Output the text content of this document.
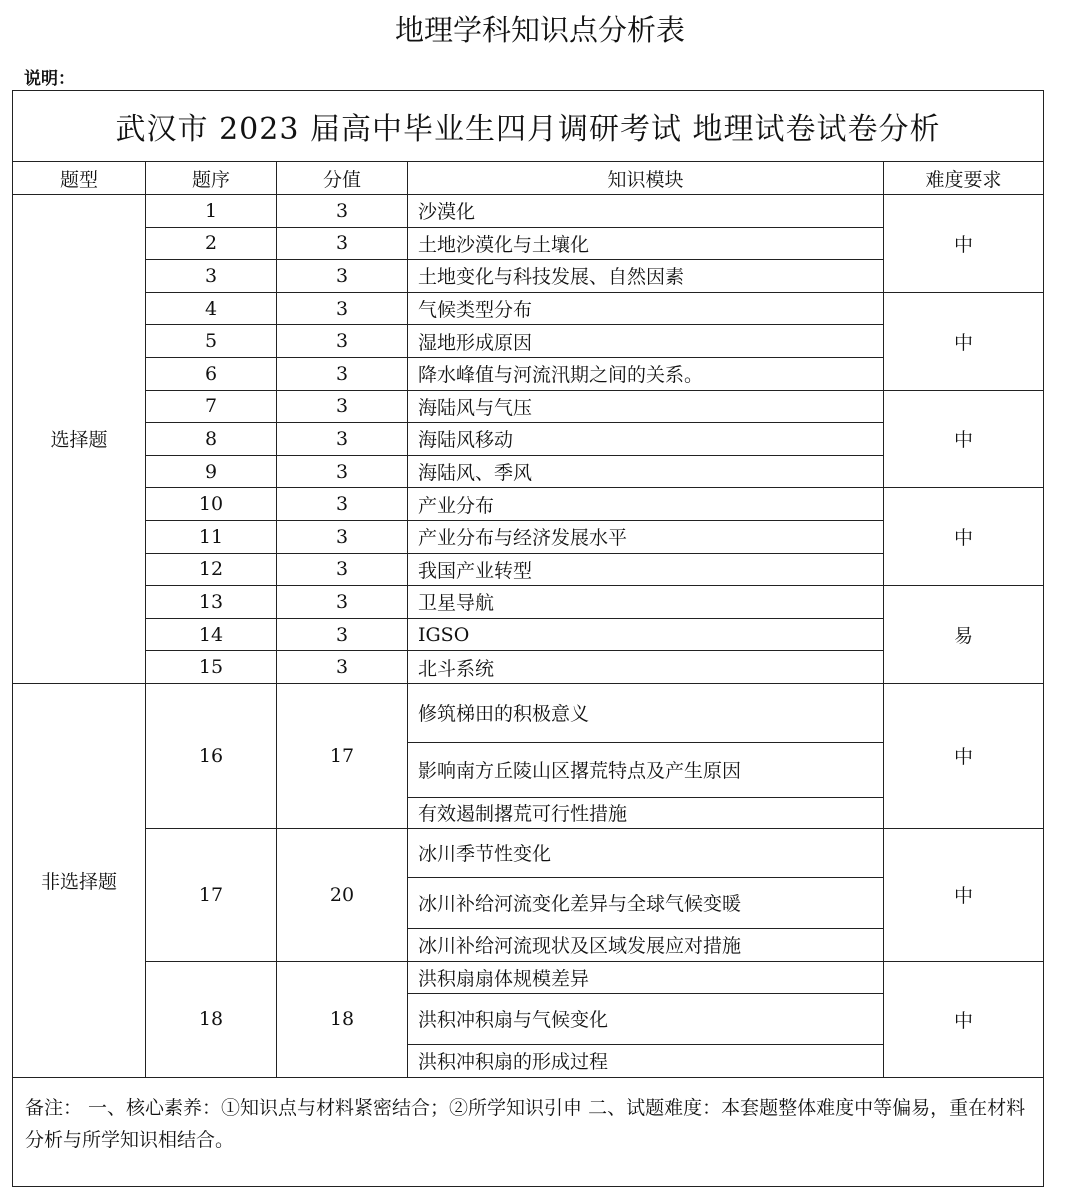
地理学科知识点分析表
说明：
武汉市 2023 届高中毕业生四月调研考试 地理试卷试卷分析				
题型	题序	分值	知识模块	难度要求
选择题	1	3	沙漠化	中
	2	3	土地沙漠化与土壤化	
	3	3	土地变化与科技发展、自然因素	
	4	3	气候类型分布	中
	5	3	湿地形成原因	
	6	3	降水峰值与河流汛期之间的关系。	
	7	3	海陆风与气压	中
	8	3	海陆风移动	
	9	3	海陆风、季风	
	10	3	产业分布	中
	11	3	产业分布与经济发展水平	
	12	3	我国产业转型	
	13	3	卫星导航	易
	14	3	IGSO	
	15	3	北斗系统	
非选择题	16	17	修筑梯田的积极意义	中
			影响南方丘陵山区撂荒特点及产生原因	
			有效遏制撂荒可行性措施	
	17	20	冰川季节性变化	中
			冰川补给河流变化差异与全球气候变暖	
			冰川补给河流现状及区域发展应对措施	
	18	18	洪积扇扇体规模差异	中
			洪积冲积扇与气候变化	
			洪积冲积扇的形成过程	
备注： 一、核心素养：①知识点与材料紧密结合；②所学知识引申 二、试题难度：本套题整体难度中等偏易，重在材料分析与所学知识相结合。				
